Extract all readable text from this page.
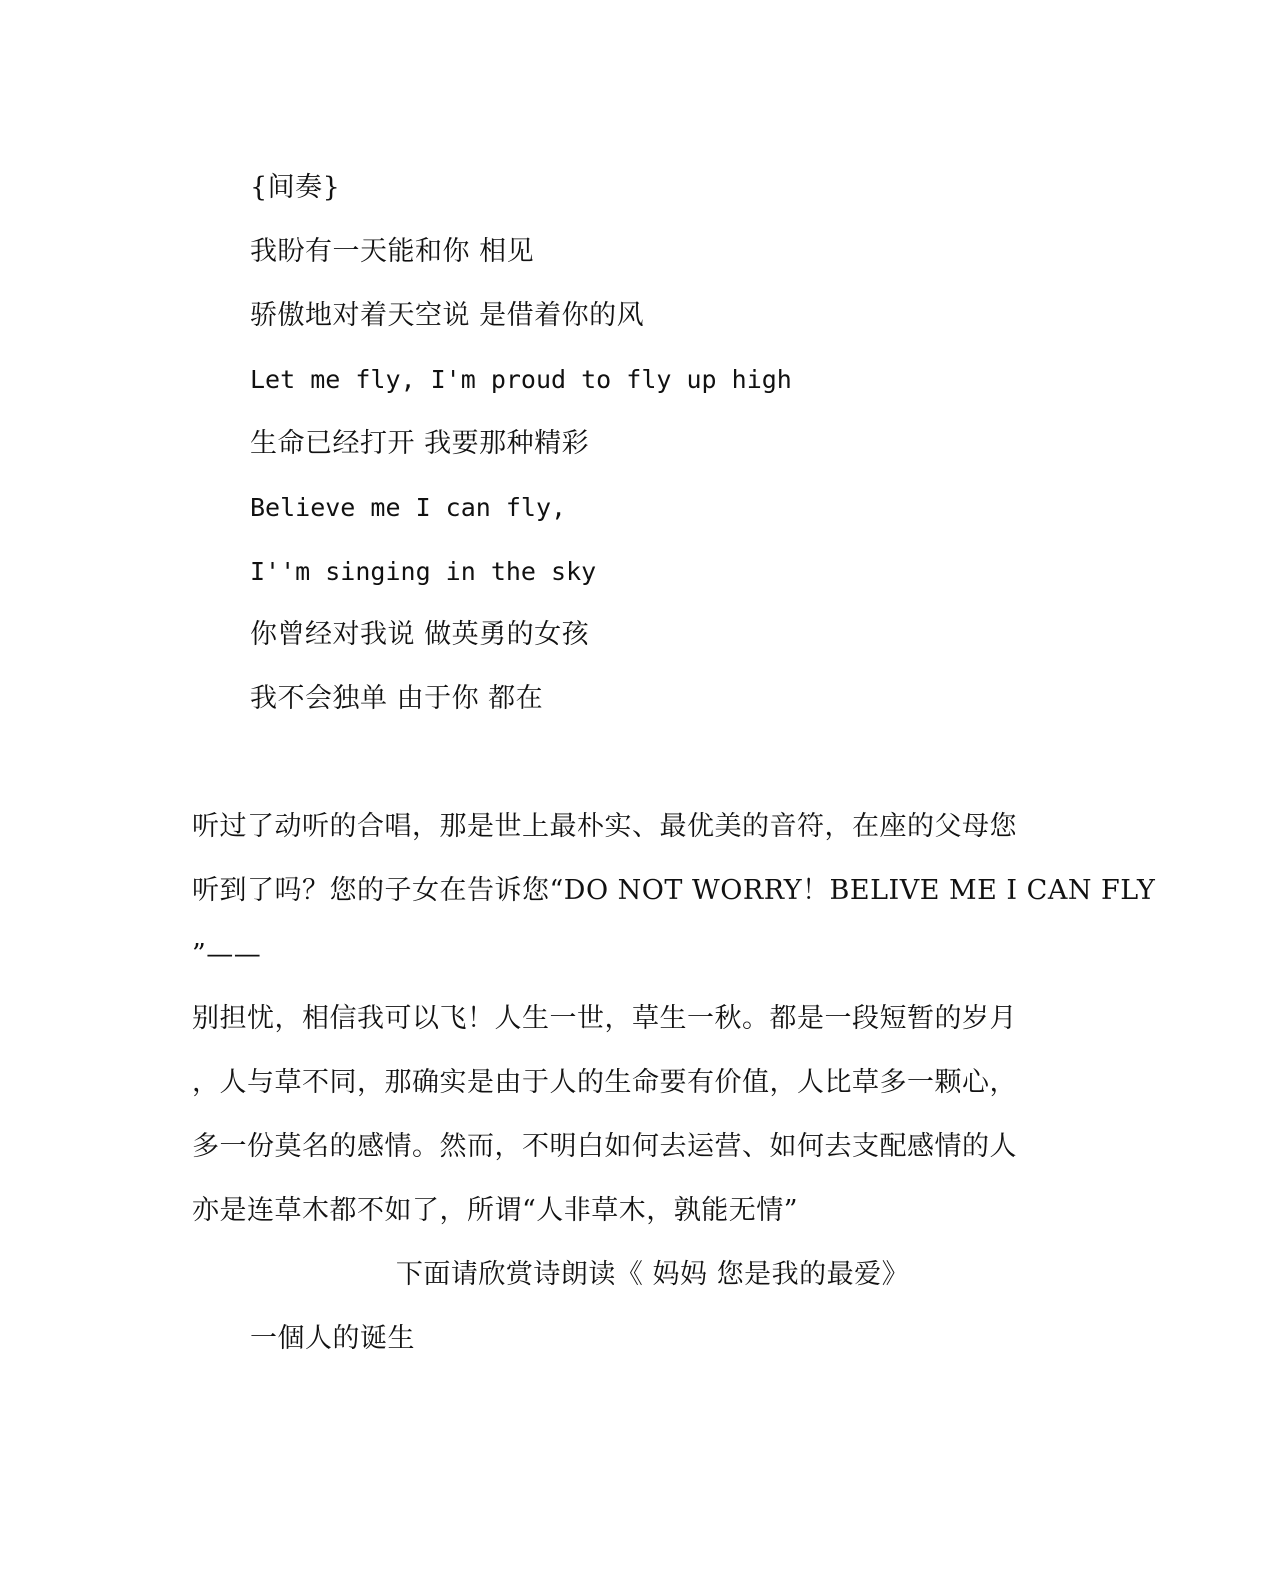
{间奏}
我盼有一天能和你 相见
骄傲地对着天空说 是借着你的风
Let me fly, I'm proud to fly up high
生命已经打开 我要那种精彩
Believe me I can fly,
I''m singing in the sky
你曾经对我说 做英勇的女孩
我不会独单 由于你 都在
听过了动听的合唱，那是世上最朴实、最优美的音符，在座的父母您
听到了吗？您的子女在告诉您“DO NOT WORRY！BELIVE ME I CAN FLY
”——
别担忧，相信我可以飞！人生一世，草生一秋。都是一段短暂的岁月
，人与草不同，那确实是由于人的生命要有价值，人比草多一颗心，
多一份莫名的感情。然而，不明白如何去运营、如何去支配感情的人
亦是连草木都不如了，所谓“人非草木，孰能无情”
下面请欣赏诗朗读《 妈妈 您是我的最爱》
一個人的诞生
